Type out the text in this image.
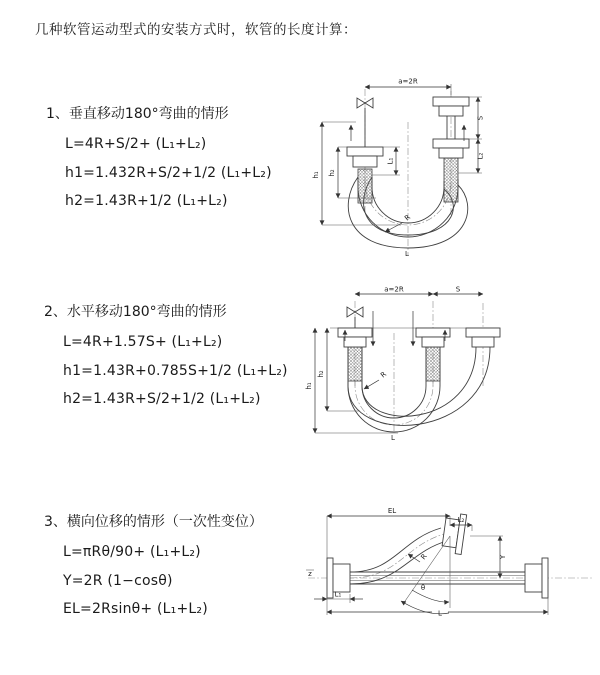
几种软管运动型式的安装方式时，软管的长度计算：
1、垂直移动180°弯曲的情形
L=4R+S/2+ (L₁+L₂)
h1=1.432R+S/2+1/2 (L₁+L₂)
h2=1.43R+1/2 (L₁+L₂)
2、水平移动180°弯曲的情形
L=4R+1.57S+ (L₁+L₂)
h1=1.43R+0.785S+1/2 (L₁+L₂)
h2=1.43R+S/2+1/2 (L₁+L₂)
3、横向位移的情形（一次性变位）
L=πRθ/90+ (L₁+L₂)
Y=2R (1−cosθ)
EL=2Rsinθ+ (L₁+L₂)
a=2R
L₁
S
L₂
h₁ h₂
R
L
a=2R	S
h₁
h₂	R
L
z
θ
EL
L₂
Y
R
L
L₁
